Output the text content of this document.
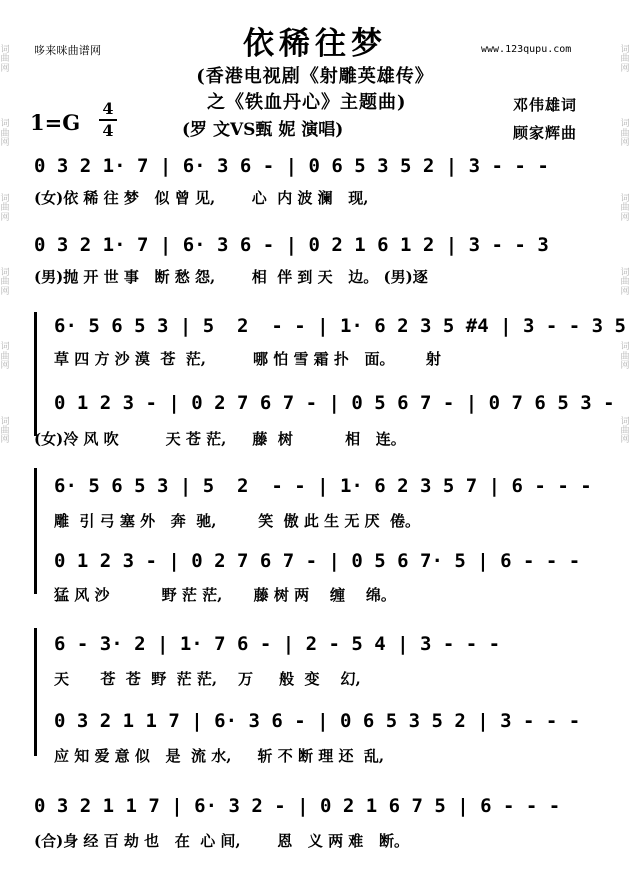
词曲网
词曲网
词曲网
词曲网
词曲网
词曲网
词曲网
词曲网
词曲网
词曲网
词曲网
词曲网
哆来咪曲谱网	www.123qupu.com
依稀往梦
(香港电视剧《射雕英雄传》
之《铁血丹心》主题曲)
(罗 文VS甄 妮 演唱)
1=G
4
4
邓伟雄词
顾家辉曲
0 3 2 1· 7 | 6· 3 6 - | 0 6 5 3 5 2 | 3 - - -
(女)依 稀 往 梦   似 曾 见,       心  内 波 澜   现,
0 3 2 1· 7 | 6· 3 6 - | 0 2 1 6 1 2 | 3 - - 3
(男)抛 开 世 事   断 愁 怨,       相  伴 到 天   边。 (男)逐
6· 5 6 5 3 | 5  2  - - | 1· 6 2 3 5 #4 | 3 - - 3 5
草 四 方 沙 漠  苍  茫,         哪 怕 雪 霜 扑   面。      射
0 1 2 3 - | 0 2 7 6 7 - | 0 5 6 7 - | 0 7 6 5 3 -
(女)冷 风 吹         天 苍 茫,     藤  树          相   连。
6· 5 6 5 3 | 5  2  - - | 1· 6 2 3 5 7 | 6 - - -
雕  引 弓 塞 外   奔  驰,        笑  傲 此 生 无 厌  倦。
0 1 2 3 - | 0 2 7 6 7 - | 0 5 6 7· 5 | 6 - - -
猛 风 沙          野 茫 茫,      藤 树 两    缠    绵。
6 - 3· 2 | 1· 7 6 - | 2 - 5 4 | 3 - - -
天      苍  苍  野  茫 茫,    万     般  变    幻,
0 3 2 1 1 7 | 6· 3 6 - | 0 6 5 3 5 2 | 3 - - -
应 知 爱 意 似   是  流 水,     斩 不 断 理 还  乱,
0 3 2 1 1 7 | 6· 3 2 - | 0 2 1 6 7 5 | 6 - - -
(合)身 经 百 劫 也   在  心 间,       恩   义 两 难   断。
